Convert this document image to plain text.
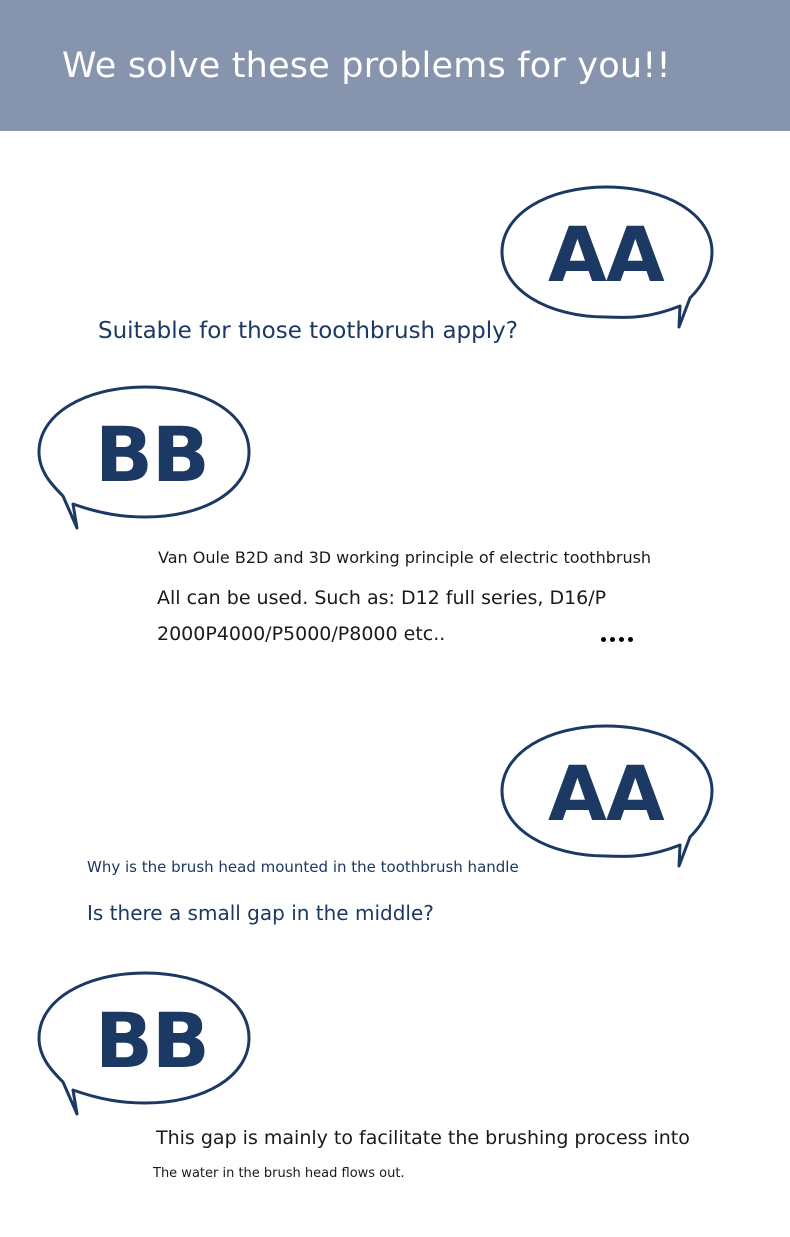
We solve these problems for you!!
AA
Suitable for those toothbrush apply?
BB
Van Oule B2D and 3D working principle of electric toothbrush
All can be used. Such as: D12 full series, D16/P
2000P4000/P5000/P8000 etc..
AA
Why is the brush head mounted in the toothbrush handle
Is there a small gap in the middle?
BB
This gap is mainly to facilitate the brushing process into
The water in the brush head flows out.
